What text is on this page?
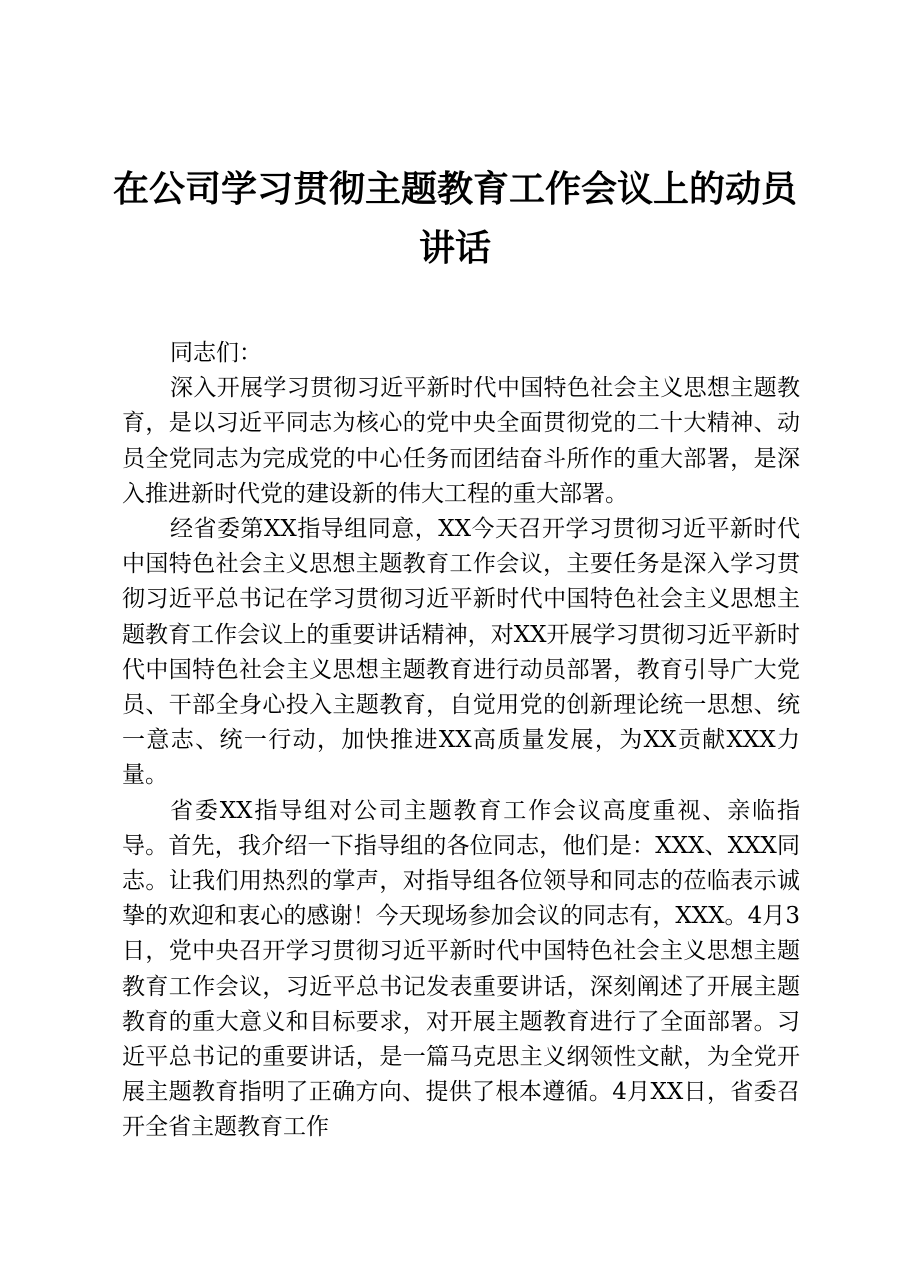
在公司学习贯彻主题教育工作会议上的动员讲话

同志们：

深入开展学习贯彻习近平新时代中国特色社会主义思想主题教育，是以习近平同志为核心的党中央全面贯彻党的二十大精神、动员全党同志为完成党的中心任务而团结奋斗所作的重大部署，是深入推进新时代党的建设新的伟大工程的重大部署。

经省委第XX指导组同意，XX今天召开学习贯彻习近平新时代中国特色社会主义思想主题教育工作会议，主要任务是深入学习贯彻习近平总书记在学习贯彻习近平新时代中国特色社会主义思想主题教育工作会议上的重要讲话精神，对XX开展学习贯彻习近平新时代中国特色社会主义思想主题教育进行动员部署，教育引导广大党员、干部全身心投入主题教育，自觉用党的创新理论统一思想、统一意志、统一行动，加快推进XX高质量发展，为XX贡献XXX力量。

省委XX指导组对公司主题教育工作会议高度重视、亲临指导。首先，我介绍一下指导组的各位同志，他们是：XXX、XXX同志。让我们用热烈的掌声，对指导组各位领导和同志的莅临表示诚挚的欢迎和衷心的感谢！今天现场参加会议的同志有，XXX。4月3日，党中央召开学习贯彻习近平新时代中国特色社会主义思想主题教育工作会议，习近平总书记发表重要讲话，深刻阐述了开展主题教育的重大意义和目标要求，对开展主题教育进行了全面部署。习近平总书记的重要讲话，是一篇马克思主义纲领性文献，为全党开展主题教育指明了正确方向、提供了根本遵循。4月XX日，省委召开全省主题教育工作
